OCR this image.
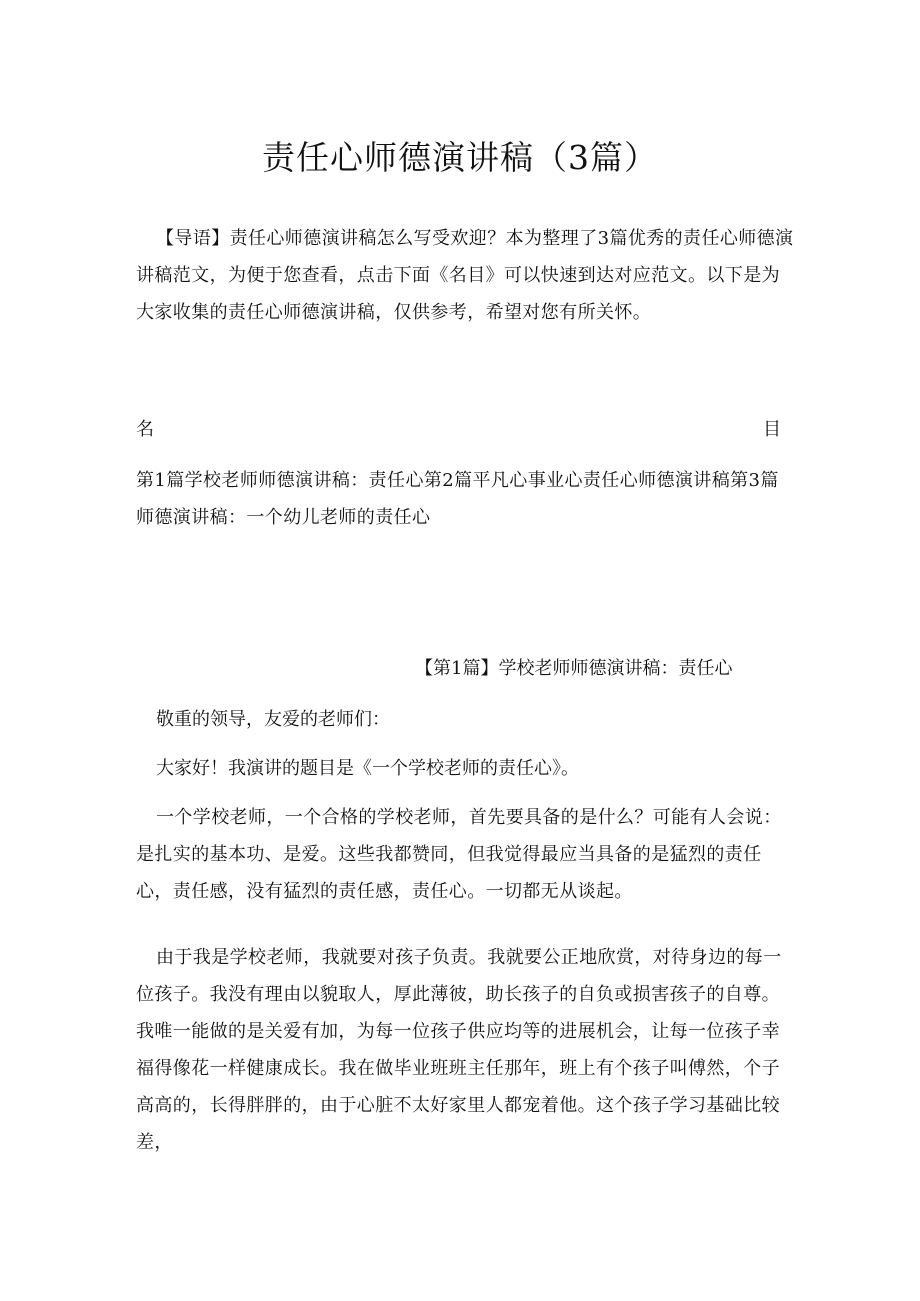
责任心师德演讲稿（3篇）
【导语】责任心师德演讲稿怎么写受欢迎？本为整理了3篇优秀的责任心师德演讲稿范文，为便于您查看，点击下面《名目》可以快速到达对应范文。以下是为大家收集的责任心师德演讲稿，仅供参考，希望对您有所关怀。
名	目
第1篇学校老师师德演讲稿：责任心第2篇平凡心事业心责任心师德演讲稿第3篇师德演讲稿：一个幼儿老师的责任心
【第1篇】学校老师师德演讲稿：责任心
敬重的领导，友爱的老师们：
大家好！我演讲的题目是《一个学校老师的责任心》。
一个学校老师，一个合格的学校老师，首先要具备的是什么？可能有人会说：是扎实的基本功、是爱。这些我都赞同，但我觉得最应当具备的是猛烈的责任心，责任感，没有猛烈的责任感，责任心。一切都无从谈起。
由于我是学校老师，我就要对孩子负责。我就要公正地欣赏，对待身边的每一位孩子。我没有理由以貌取人，厚此薄彼，助长孩子的自负或损害孩子的自尊。我唯一能做的是关爱有加，为每一位孩子供应均等的进展机会，让每一位孩子幸福得像花一样健康成长。我在做毕业班班主任那年，班上有个孩子叫傅然，个子高高的，长得胖胖的，由于心脏不太好家里人都宠着他。这个孩子学习基础比较差，
